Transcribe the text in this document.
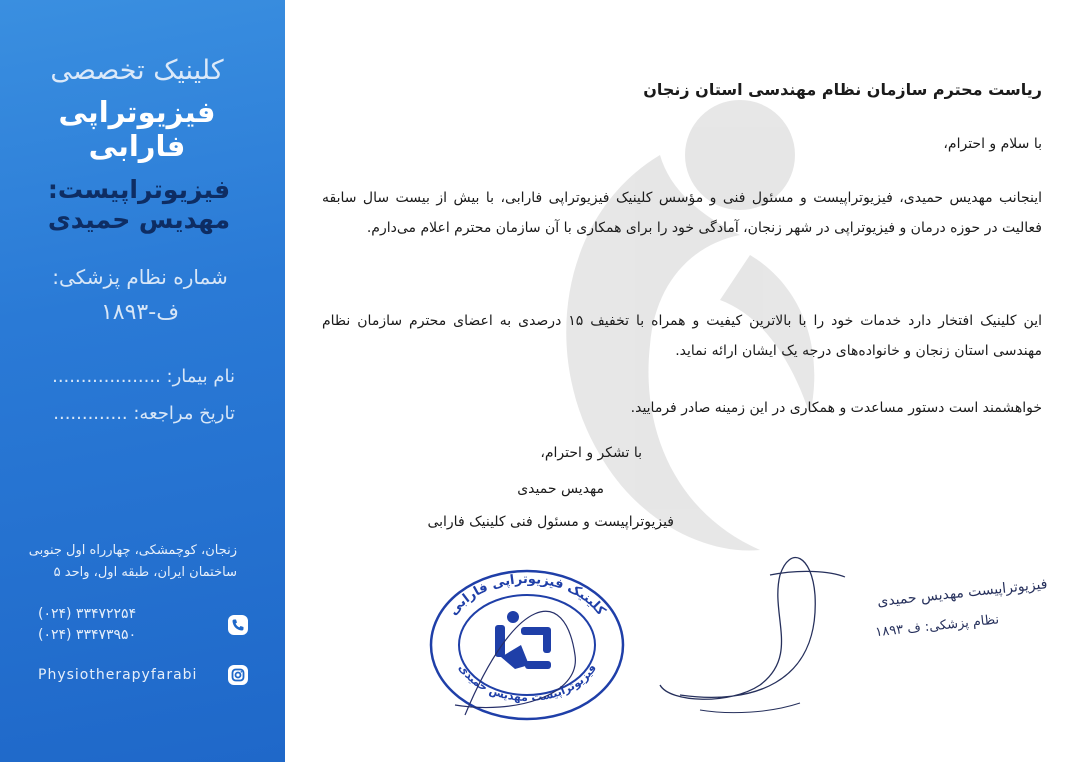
کلینیک تخصصی
فیزیوتراپی فارابی
فیزیوتراپیست:
مهدیس حمیدی
شماره نظام پزشکی:
ف-۱۸۹۳
نام بیمار: ...................
تاریخ مراجعه: .............
زنجان، کوچمشکی، چهارراه اول جنوبی ساختمان ایران، طبقه اول، واحد ۵
(۰۲۴) ۳۳۴۷۲۲۵۴
(۰۲۴) ۳۳۴۷۳۹۵۰
Physiotherapyfarabi
ریاست محترم سازمان نظام مهندسی استان زنجان
با سلام و احترام،
اینجانب مهدیس حمیدی، فیزیوتراپیست و مسئول فنی و مؤسس کلینیک فیزیوتراپی فارابی، با بیش از بیست سال سابقه فعالیت در حوزه درمان و فیزیوتراپی در شهر زنجان، آمادگی خود را برای همکاری با آن سازمان محترم اعلام می‌دارم.
این کلینیک افتخار دارد خدمات خود را با بالاترین کیفیت و همراه با تخفیف ۱۵ درصدی به اعضای محترم سازمان نظام مهندسی استان زنجان و خانواده‌های درجه یک ایشان ارائه نماید.
خواهشمند است دستور مساعدت و همکاری در این زمینه صادر فرمایید.
با تشکر و احترام،
مهدیس حمیدی
فیزیوتراپیست و مسئول فنی کلینیک فارابی
کلینیک فیزیوتراپی فارابی
فیزیوتراپیست مهدیس حمیدی
فیزیوتراپیست مهدیس حمیدی
نظام پزشکی: ف ۱۸۹۳
